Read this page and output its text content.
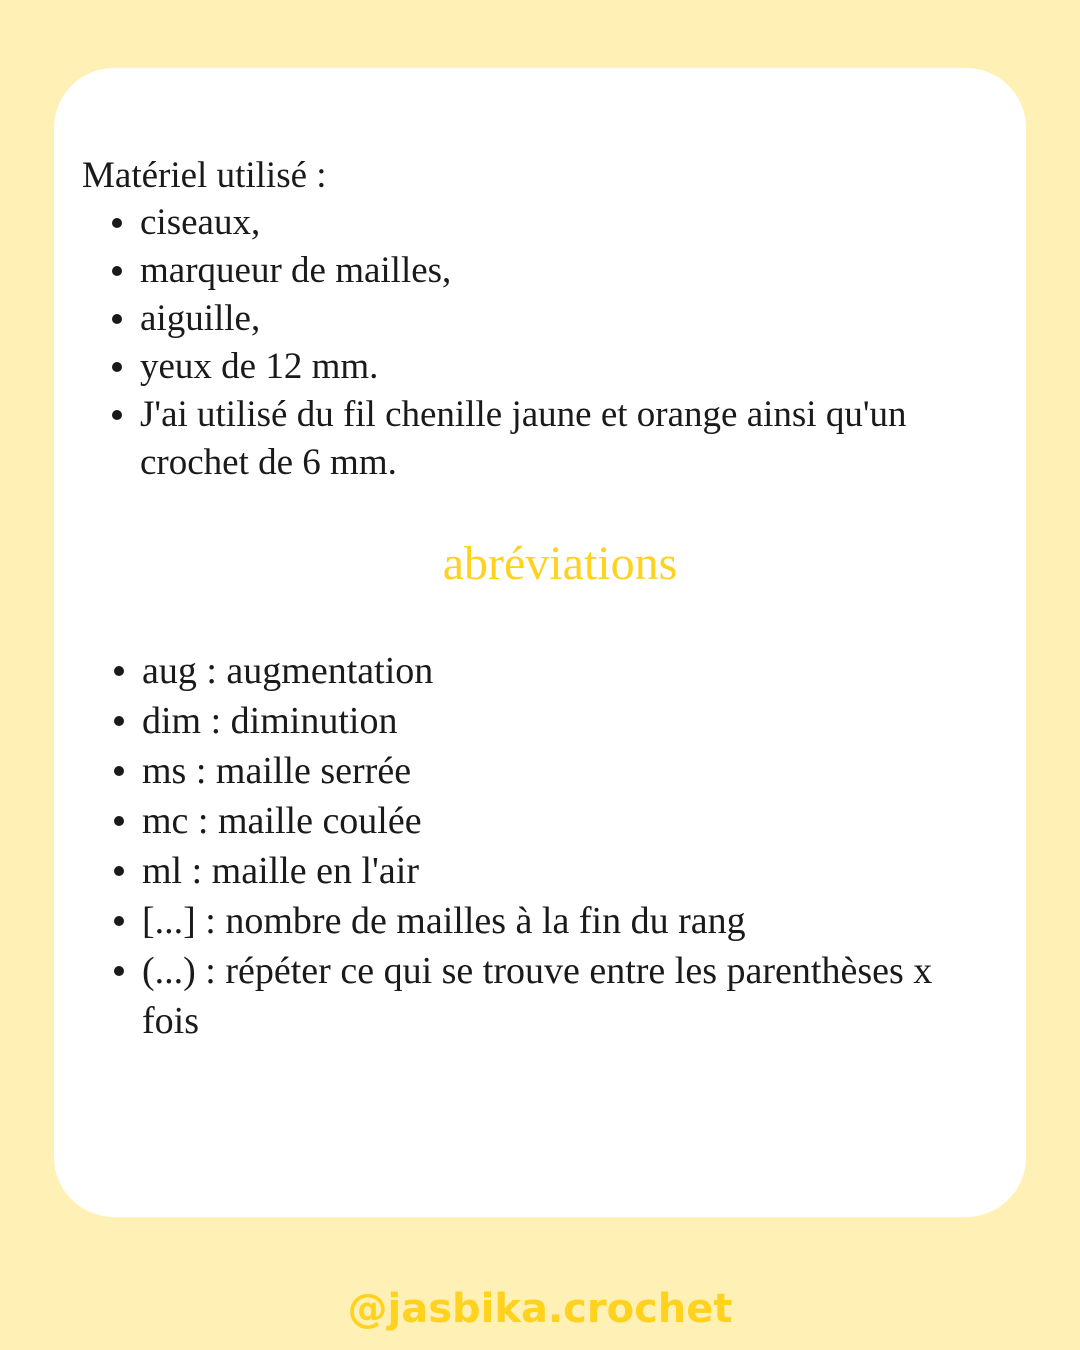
Matériel utilisé :
ciseaux,
marqueur de mailles,
aiguille,
yeux de 12 mm.
J'ai utilisé du fil chenille jaune et orange ainsi qu'un crochet de 6 mm.
abréviations
aug : augmentation
dim : diminution
ms : maille serrée
mc : maille coulée
ml : maille en l'air
[...] : nombre de mailles à la fin du rang
(...) : répéter ce qui se trouve entre les parenthèses x fois
@jasbika.crochet
